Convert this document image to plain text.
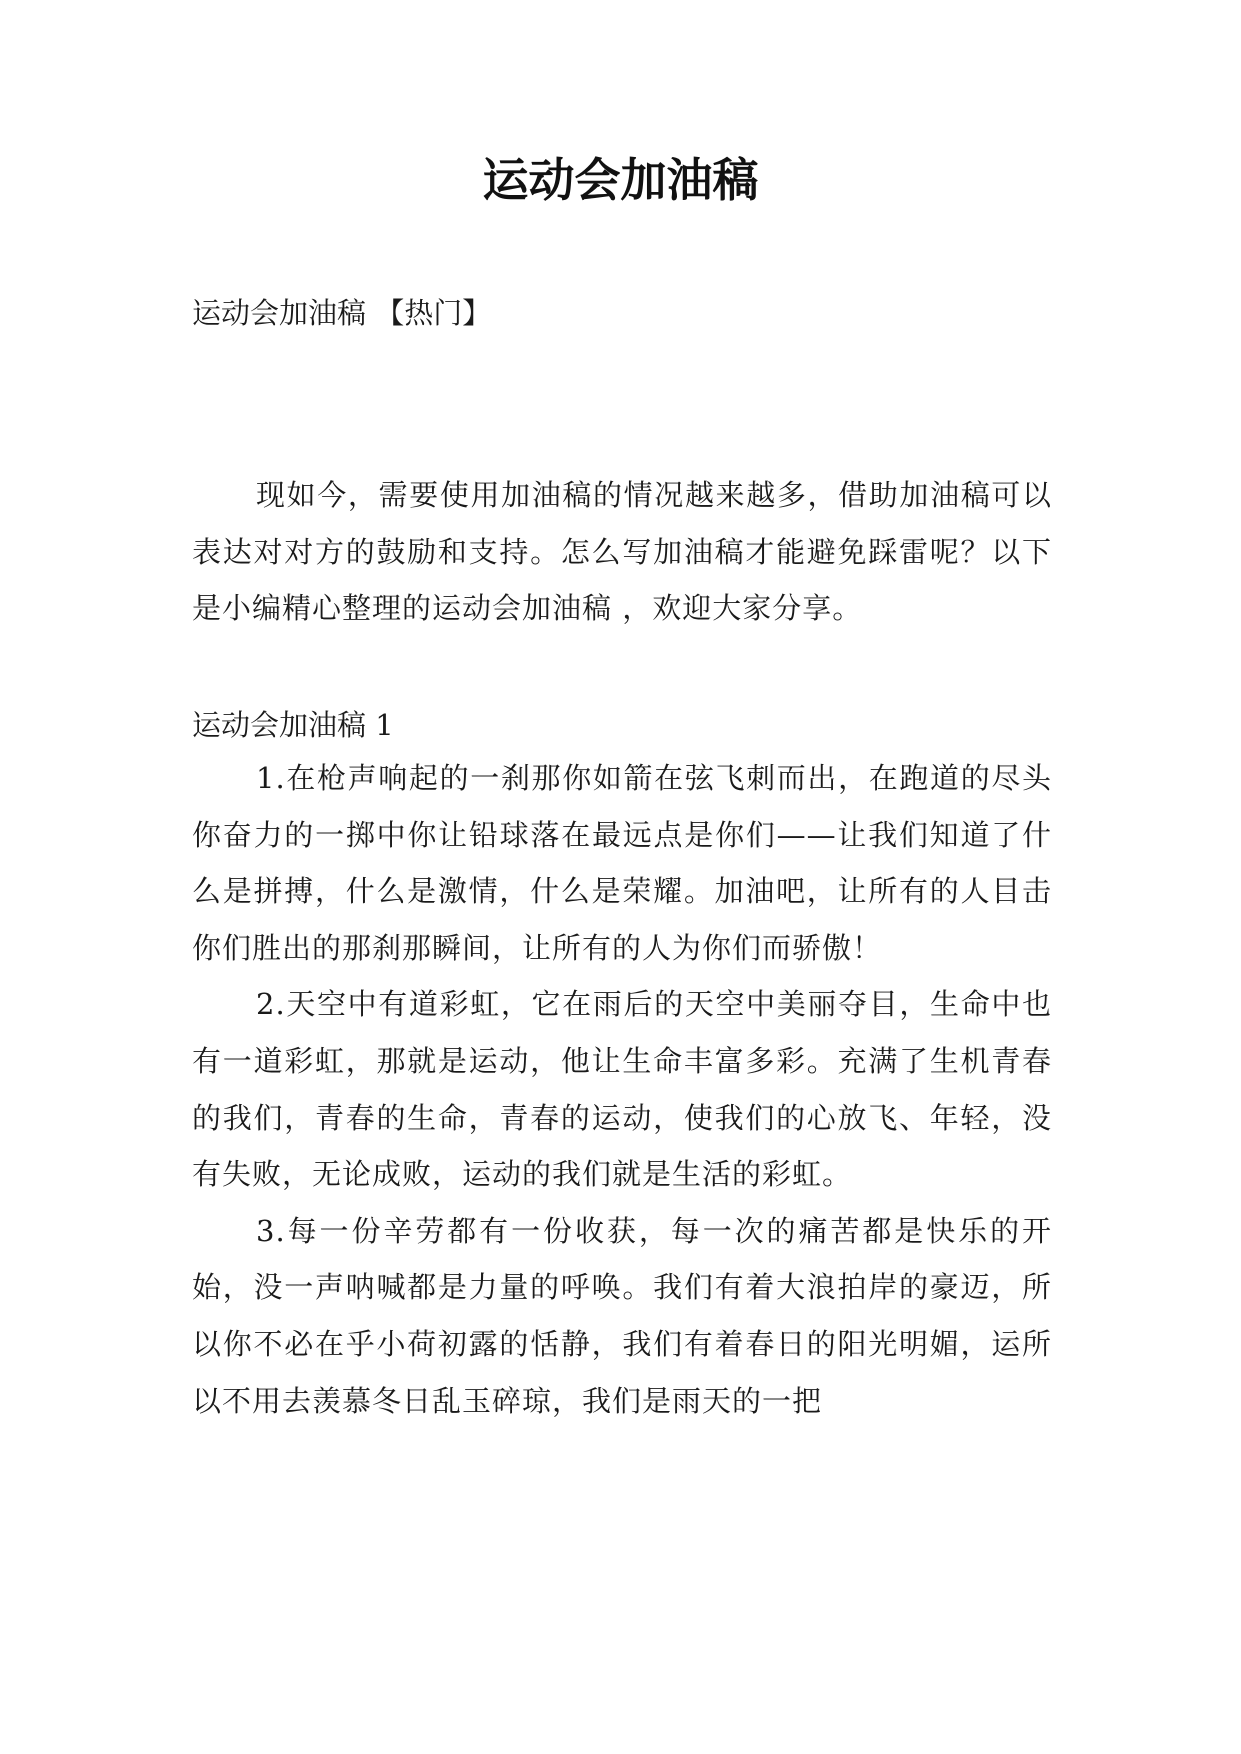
运动会加油稿
运动会加油稿 【热门】

现如今，需要使用加油稿的情况越来越多，借助加油稿可以表达对对方的鼓励和支持。怎么写加油稿才能避免踩雷呢？以下是小编精心整理的运动会加油稿 ，欢迎大家分享。

运动会加油稿 1

1.在枪声响起的一刹那你如箭在弦飞刺而出，在跑道的尽头你奋力的一掷中你让铅球落在最远点是你们——让我们知道了什么是拼搏，什么是激情，什么是荣耀。加油吧，让所有的人目击你们胜出的那刹那瞬间，让所有的人为你们而骄傲！

2.天空中有道彩虹，它在雨后的天空中美丽夺目，生命中也有一道彩虹，那就是运动，他让生命丰富多彩。充满了生机青春的我们，青春的生命，青春的运动，使我们的心放飞、年轻，没有失败，无论成败，运动的我们就是生活的彩虹。

3.每一份辛劳都有一份收获，每一次的痛苦都是快乐的开始，没一声呐喊都是力量的呼唤。我们有着大浪拍岸的豪迈，所以你不必在乎小荷初露的恬静，我们有着春日的阳光明媚，运所以不用去羡慕冬日乱玉碎琼，我们是雨天的一把
